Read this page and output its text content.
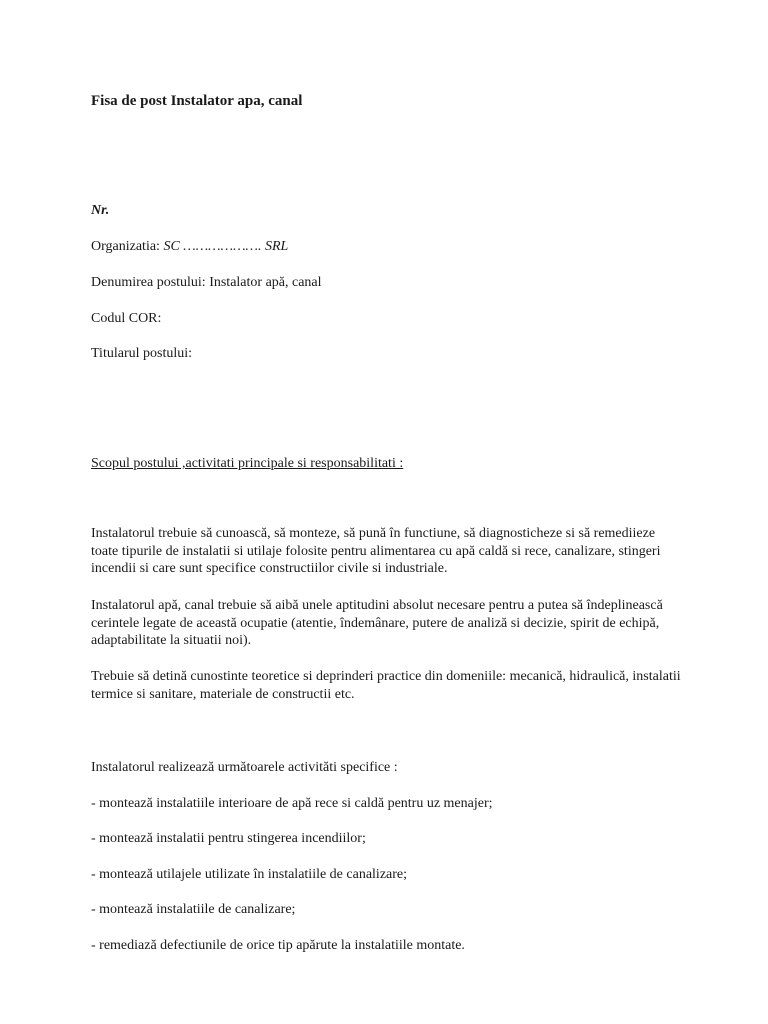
Fisa de post Instalator apa, canal
Nr.
Organizatia: SC ………………. SRL
Denumirea postului: Instalator apă, canal
Codul COR:
Titularul postului:
Scopul postului ,activitati principale si responsabilitati :
Instalatorul trebuie să cunoască, să monteze, să pună în functiune, să diagnosticheze si să remediieze toate tipurile de instalatii si utilaje folosite pentru alimentarea cu apă caldă si rece, canalizare, stingeri incendii si care sunt specifice constructiilor civile si industriale.
Instalatorul apă, canal trebuie să aibă unele aptitudini absolut necesare pentru a putea să îndeplinească cerintele legate de această ocupatie (atentie, îndemânare, putere de analiză si decizie, spirit de echipă, adaptabilitate la situatii noi).
Trebuie să detină cunostinte teoretice si deprinderi practice din domeniile: mecanică, hidraulică, instalatii termice si sanitare, materiale de constructii etc.
Instalatorul realizează următoarele activităti specifice :
- montează instalatiile interioare de apă rece si caldă pentru uz menajer;
- montează instalatii pentru stingerea incendiilor;
- montează utilajele utilizate în instalatiile de canalizare;
- montează instalatiile de canalizare;
- remediază defectiunile de orice tip apărute la instalatiile montate.
